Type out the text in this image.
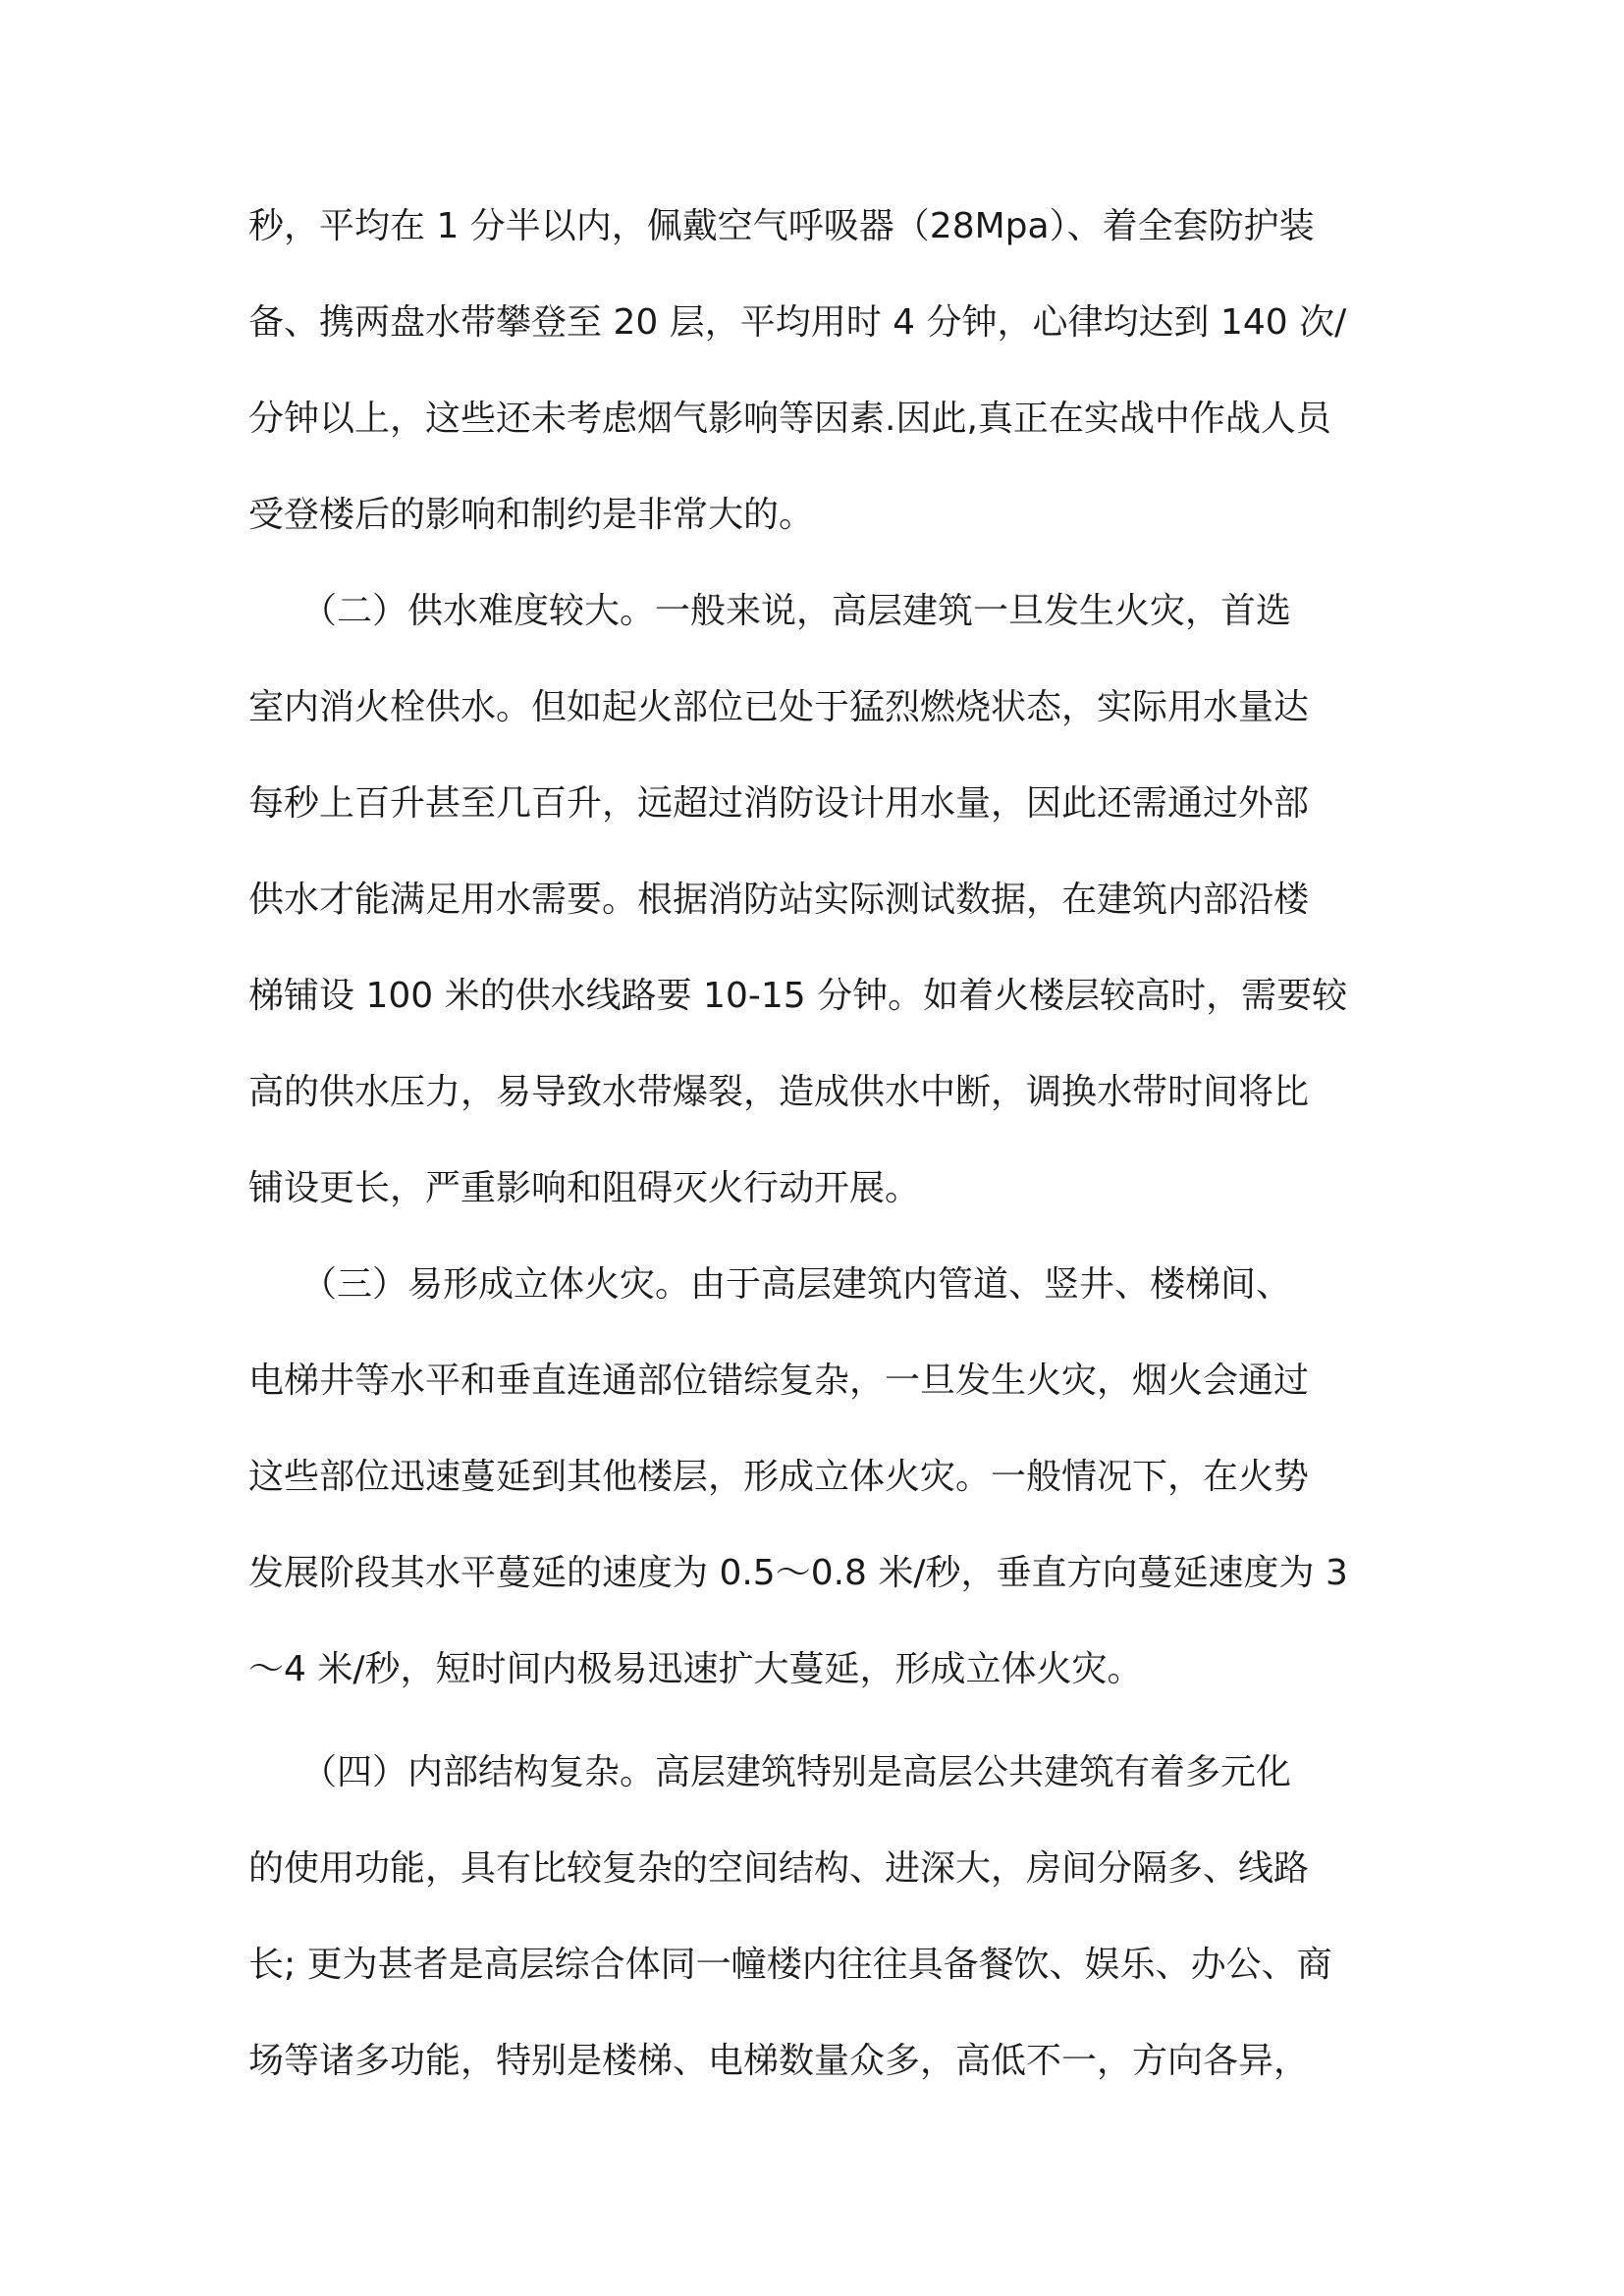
秒，平均在 1 分半以内，佩戴空气呼吸器（28Mpa）、着全套防护装
备、携两盘水带攀登至 20 层，平均用时 4 分钟，心律均达到 140 次/
分钟以上，这些还未考虑烟气影响等因素.因此,真正在实战中作战人员
受登楼后的影响和制约是非常大的。
　　（二）供水难度较大。一般来说，高层建筑一旦发生火灾，首选
室内消火栓供水。但如起火部位已处于猛烈燃烧状态，实际用水量达
每秒上百升甚至几百升，远超过消防设计用水量，因此还需通过外部
供水才能满足用水需要。根据消防站实际测试数据，在建筑内部沿楼
梯铺设 100 米的供水线路要 10-15 分钟。如着火楼层较高时，需要较
高的供水压力，易导致水带爆裂，造成供水中断，调换水带时间将比
铺设更长，严重影响和阻碍灭火行动开展。
　　（三）易形成立体火灾。由于高层建筑内管道、竖井、楼梯间、
电梯井等水平和垂直连通部位错综复杂，一旦发生火灾，烟火会通过
这些部位迅速蔓延到其他楼层，形成立体火灾。一般情况下，在火势
发展阶段其水平蔓延的速度为 0.5～0.8 米/秒，垂直方向蔓延速度为 3
～4 米/秒，短时间内极易迅速扩大蔓延，形成立体火灾。
　　（四）内部结构复杂。高层建筑特别是高层公共建筑有着多元化
的使用功能，具有比较复杂的空间结构、进深大，房间分隔多、线路
长; 更为甚者是高层综合体同一幢楼内往往具备餐饮、娱乐、办公、商
场等诸多功能，特别是楼梯、电梯数量众多，高低不一，方向各异，
